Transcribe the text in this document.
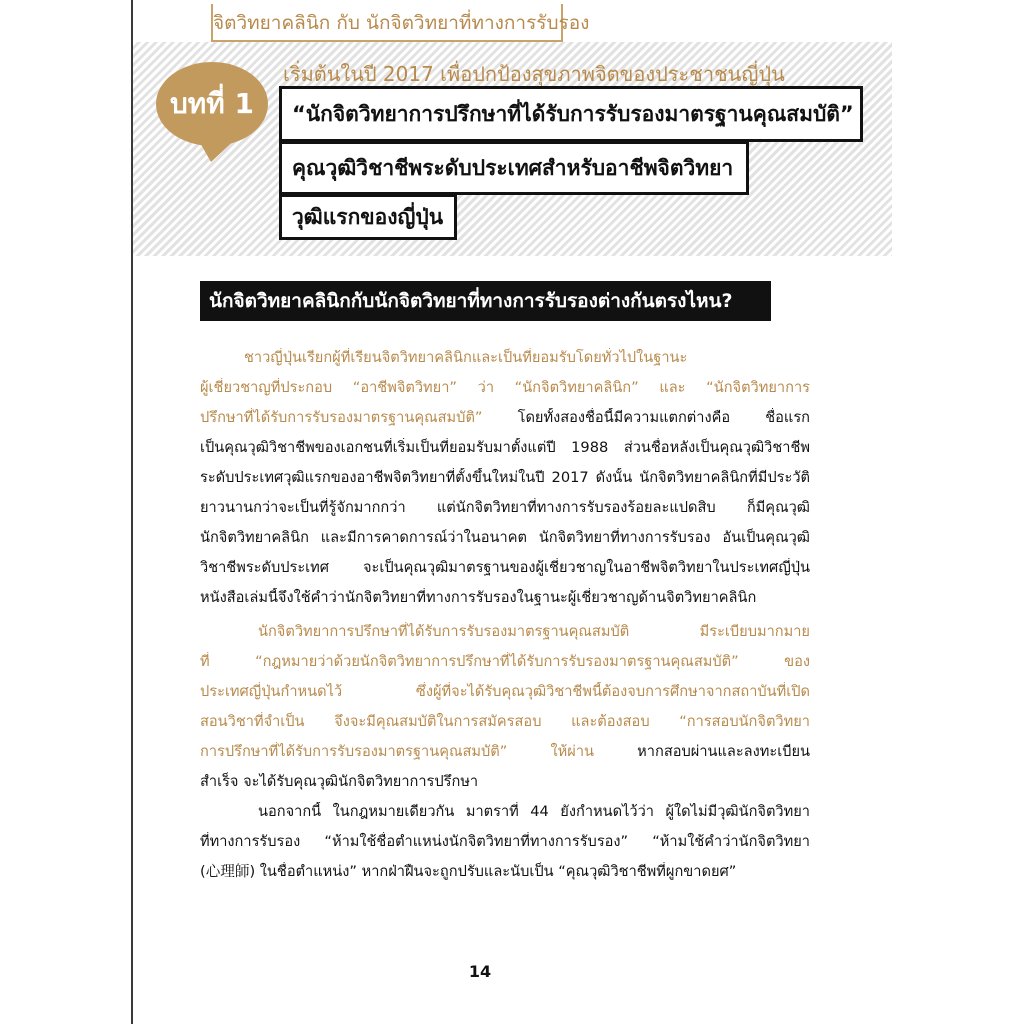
จิตวิทยาคลินิก กับ นักจิตวิทยาที่ทางการรับรอง
บทที่ 1
เริ่มต้นในปี 2017 เพื่อปกป้องสุขภาพจิตของประชาชนญี่ปุ่น
“นักจิตวิทยาการปรึกษาที่ได้รับการรับรองมาตรฐานคุณสมบัติ”
คุณวุฒิวิชาชีพระดับประเทศสำหรับอาชีพจิตวิทยา
วุฒิแรกของญี่ปุ่น
นักจิตวิทยาคลินิกกับนักจิตวิทยาที่ทางการรับรองต่างกันตรงไหน?
ชาวญี่ปุ่นเรียกผู้ที่เรียนจิตวิทยาคลินิกและเป็นที่ยอมรับโดยทั่วไปในฐานะ
ผู้เชี่ยวชาญที่ประกอบ “อาชีพจิตวิทยา” ว่า “นักจิตวิทยาคลินิก” และ “นักจิตวิทยาการ
ปรึกษาที่ได้รับการรับรองมาตรฐานคุณสมบัติ” โดยทั้งสองชื่อนี้มีความแตกต่างคือ ชื่อแรก
เป็นคุณวุฒิวิชาชีพของเอกชนที่เริ่มเป็นที่ยอมรับมาตั้งแต่ปี 1988 ส่วนชื่อหลังเป็นคุณวุฒิวิชาชีพ
ระดับประเทศวุฒิแรกของอาชีพจิตวิทยาที่ตั้งขึ้นใหม่ในปี 2017 ดังนั้น นักจิตวิทยาคลินิกที่มีประวัติ
ยาวนานกว่าจะเป็นที่รู้จักมากกว่า แต่นักจิตวิทยาที่ทางการรับรองร้อยละแปดสิบ ก็มีคุณวุฒิ
นักจิตวิทยาคลินิก และมีการคาดการณ์ว่าในอนาคต นักจิตวิทยาที่ทางการรับรอง อันเป็นคุณวุฒิ
วิชาชีพระดับประเทศ จะเป็นคุณวุฒิมาตรฐานของผู้เชี่ยวชาญในอาชีพจิตวิทยาในประเทศญี่ปุ่น
หนังสือเล่มนี้จึงใช้คำว่านักจิตวิทยาที่ทางการรับรองในฐานะผู้เชี่ยวชาญด้านจิตวิทยาคลินิก
นักจิตวิทยาการปรึกษาที่ได้รับการรับรองมาตรฐานคุณสมบัติ มีระเบียบมากมาย
ที่ “กฎหมายว่าด้วยนักจิตวิทยาการปรึกษาที่ได้รับการรับรองมาตรฐานคุณสมบัติ” ของ
ประเทศญี่ปุ่นกำหนดไว้ ซึ่งผู้ที่จะได้รับคุณวุฒิวิชาชีพนี้ต้องจบการศึกษาจากสถาบันที่เปิด
สอนวิชาที่จำเป็น จึงจะมีคุณสมบัติในการสมัครสอบ และต้องสอบ “การสอบนักจิตวิทยา
การปรึกษาที่ได้รับการรับรองมาตรฐานคุณสมบัติ” ให้ผ่าน หากสอบผ่านและลงทะเบียน
สำเร็จ จะได้รับคุณวุฒินักจิตวิทยาการปรึกษา
นอกจากนี้ ในกฎหมายเดียวกัน มาตราที่ 44 ยังกำหนดไว้ว่า ผู้ใดไม่มีวุฒินักจิตวิทยา
ที่ทางการรับรอง “ห้ามใช้ชื่อตำแหน่งนักจิตวิทยาที่ทางการรับรอง” “ห้ามใช้คำว่านักจิตวิทยา
(心理師) ในชื่อตำแหน่ง” หากฝ่าฝืนจะถูกปรับและนับเป็น “คุณวุฒิวิชาชีพที่ผูกขาดยศ”
14
